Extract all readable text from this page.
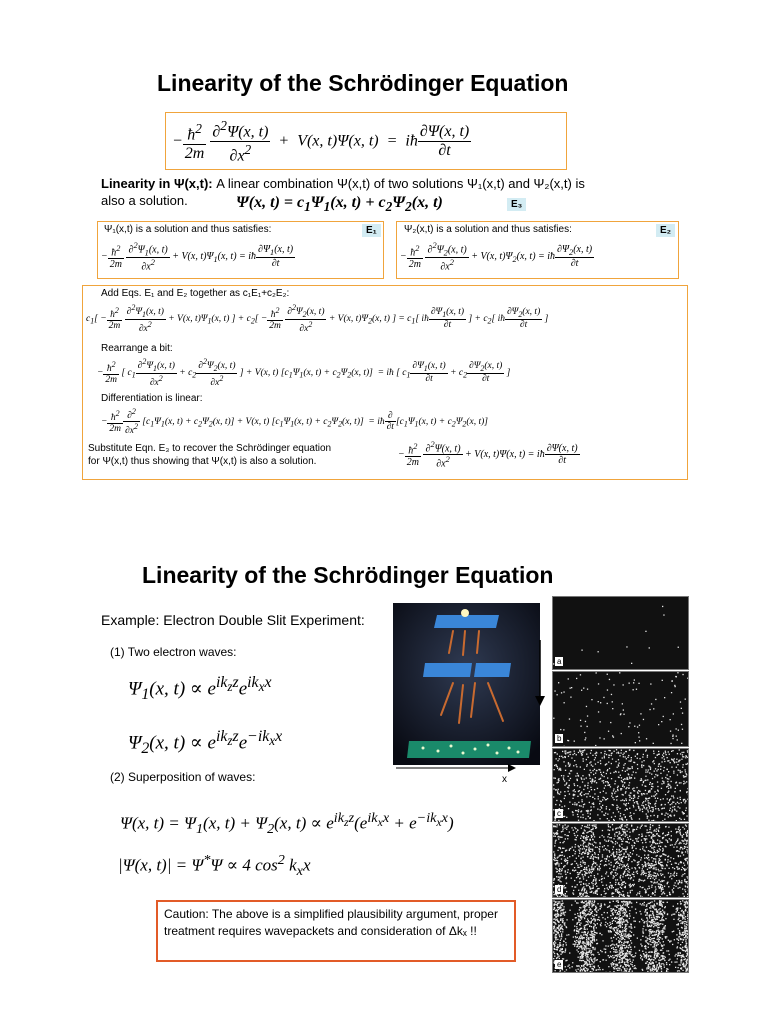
Linearity of the Schrödinger Equation
− $\frac{ħ^2}{2m}$
$\frac{\partial^2\Psi(x, t)}{\partial x^2} + V(x$, t)Ψ(x, t)  =  iħ $\frac{\partial\Psi(x, t)}{\partial t}$
Linearity in Ψ(x,t): A linear combination Ψ(x,t) of two solutions Ψ₁(x,t) and Ψ₂(x,t) is
also a solution.	Ψ(x, $t) = c_1\Psi_1(x$, $t) + c_2\Psi_2(x$, t)	E₃
Ψ₁(x,t) is a solution and thus satisfies:	E₁
− $\frac{ħ^2}{2m}$
$\frac{\partial^2\Psi_1(x, t)}{\partial x^2} + V(x$, $t)\Psi_1(x$, t) = iħ $\frac{\partial\Psi_1(x, t)}{\partial t}$
Ψ₂(x,t) is a solution and thus satisfies:	E₂
− $\frac{ħ^2}{2m}$
$\frac{\partial^2\Psi_2(x, t)}{\partial x^2} + V(x$, $t)\Psi_2(x$, t) = iħ $\frac{\partial\Psi_2(x, t)}{\partial t}$
Add Eqs. E₁ and E₂ together as c₁E₁+c₂E₂:
$c_1[ - \frac{ħ^2}{2m}$
$\frac{\partial^2\Psi_1(x, t)}{\partial x^2} + V(x$, $t)\Psi_1(x$, t) ] + $c_2[ - \frac{ħ^2}{2m}$
$\frac{\partial^2\Psi_2(x, t)}{\partial x^2} + V(x$, $t)\Psi_2(x$, t) ] = $c_1$[ iħ $\frac{\partial\Psi_1(x, t)}{\partial t}$ ] + $c_2$[ iħ $\frac{\partial\Psi_2(x, t)}{\partial t}$ ]
Rearrange a bit:
− $\frac{ħ^2}{2m}$ [ $c_1 \frac{\partial^2\Psi_1(x, t)}{\partial x^2} + c_2 \frac{\partial^2\Psi_2(x, t)}{\partial x^2}$ ] + V(x, t) [$c_1\Psi_1(x$, $t) + c_2\Psi_2(x$, t)]  = iħ [ $c_1 \frac{\partial\Psi_1(x, t)}{\partial t} + c_2 \frac{\partial\Psi_2(x, t)}{\partial t}$ ]
Differentiation is linear:
− $\frac{ħ^2}{2m} \frac{\partial^2}{\partial x^2} [c_1\Psi_1(x$, $t) + c_2\Psi_2(x$, t)] + V(x, t) [$c_1\Psi_1(x$, $t) + c_2\Psi_2(x$, t)]  = iħ $\frac{\partial}{\partial t} [c_1\Psi_1(x$, $t) + c_2\Psi_2(x$, t)]
Substitute Eqn. E₃ to recover the Schrödinger equation
for Ψ(x,t) thus showing that Ψ(x,t) is also a solution.
− $\frac{ħ^2}{2m}$
$\frac{\partial^2\Psi(x, t)}{\partial x^2} + V(x$, t)Ψ(x, t) = iħ $\frac{\partial\Psi(x, t)}{\partial t}$
Linearity of the Schrödinger Equation
Example: Electron Double Slit Experiment:
(1) Two electron waves:
$\Psi_1(x$, $t) \propto e^{ik_zz}e^{ik_xx}$
$\Psi_2(x$, $t) \propto e^{ik_zz}e^{-ik_xx}$
(2) Superposition of waves:
Ψ(x, $t) = \Psi_1(x$, $t) + \Psi_2(x$, $t) \propto e^{ik_zz}(e^{ik_xx} + e^{-ik_xx})$
|Ψ(x, t)| = Ψ*Ψ ∝ 4 $\cos^2 k_xx$
x
a
b
c
d
e
Caution: The above is a simplified plausibility argument, proper treatment requires wavepackets and consideration of Δkₓ !!
